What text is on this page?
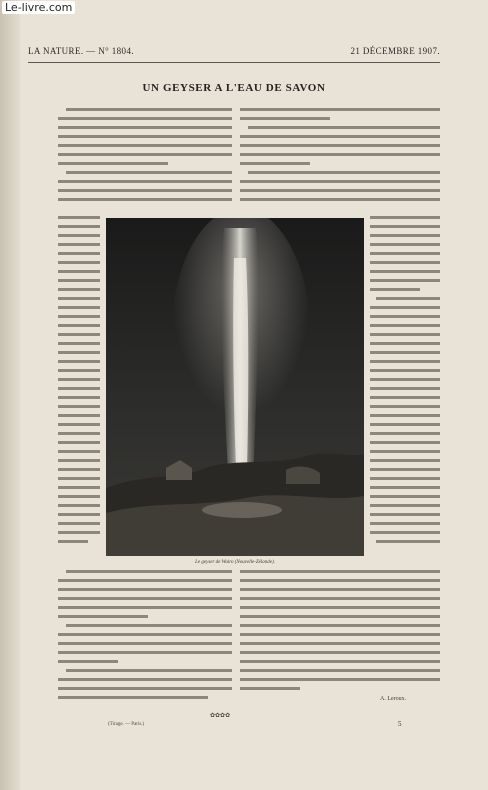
Le-livre.com
LA NATURE. — N° 1804.	21 DÉCEMBRE 1907.
UN GEYSER A L'EAU DE SAVON
Le geyser de Wairo (Nouvelle-Zélande).
A. Leroux.
✿✿✿✿
(Tirage. — Paris.)	5
